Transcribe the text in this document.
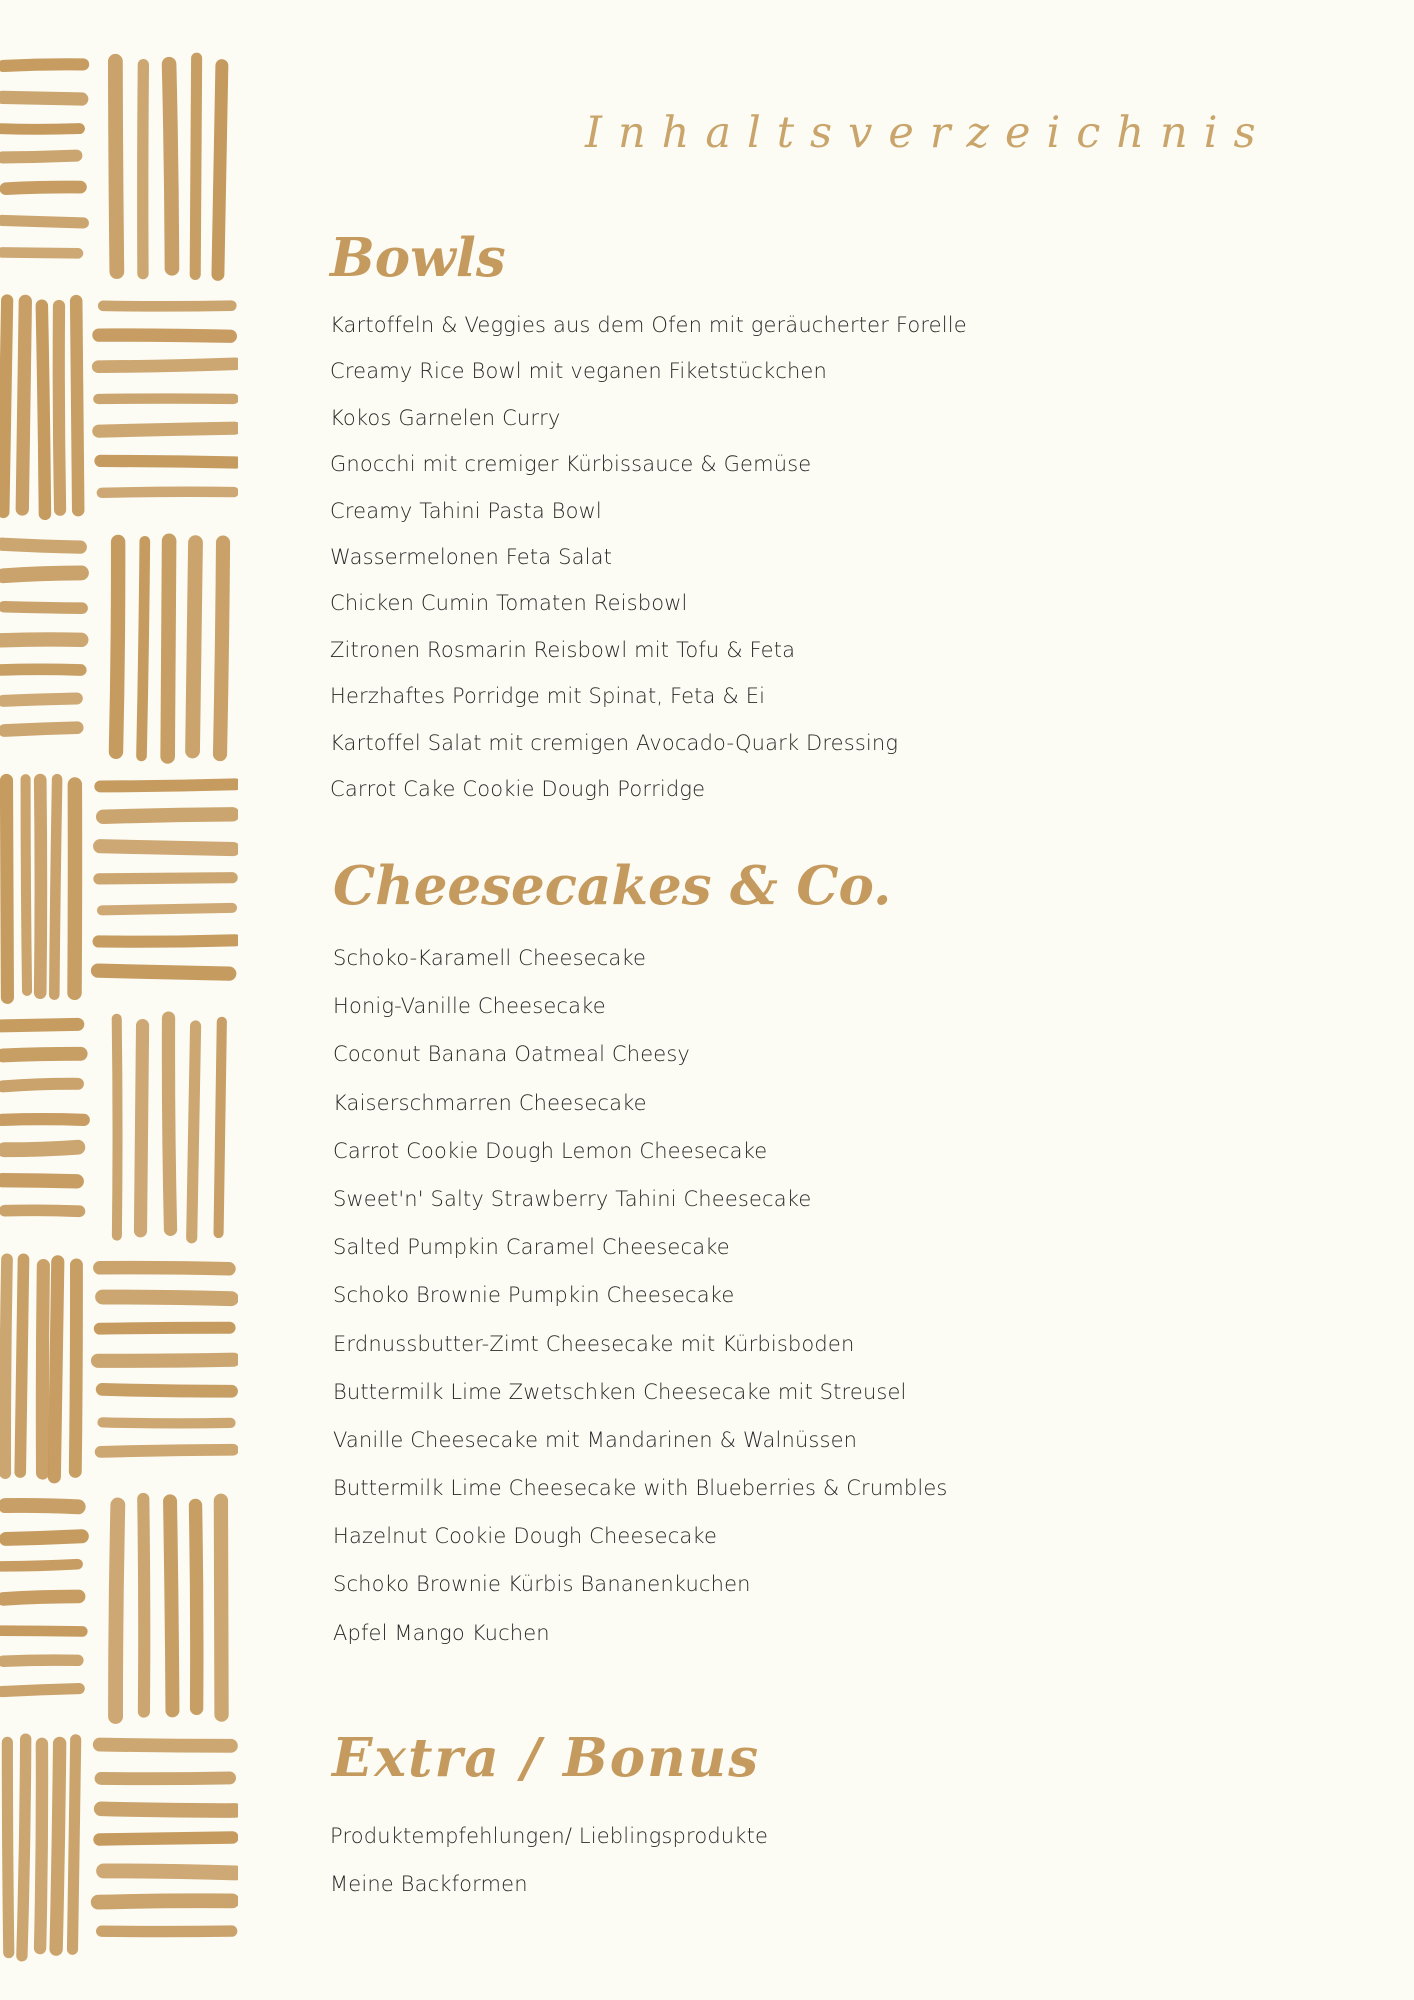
Inhaltsverzeichnis
Bowls
Kartoffeln & Veggies aus dem Ofen mit geräucherter Forelle
Creamy Rice Bowl mit veganen Fiketstückchen
Kokos Garnelen Curry
Gnocchi mit cremiger Kürbissauce & Gemüse
Creamy Tahini Pasta Bowl
Wassermelonen Feta Salat
Chicken Cumin Tomaten Reisbowl
Zitronen Rosmarin Reisbowl mit Tofu & Feta
Herzhaftes Porridge mit Spinat, Feta & Ei
Kartoffel Salat mit cremigen Avocado-Quark Dressing
Carrot Cake Cookie Dough Porridge
Cheesecakes & Co.
Schoko-Karamell Cheesecake
Honig-Vanille Cheesecake
Coconut Banana Oatmeal Cheesy
Kaiserschmarren Cheesecake
Carrot Cookie Dough Lemon Cheesecake
Sweet'n' Salty Strawberry Tahini Cheesecake
Salted Pumpkin Caramel Cheesecake
Schoko Brownie Pumpkin Cheesecake
Erdnussbutter-Zimt Cheesecake mit Kürbisboden
Buttermilk Lime Zwetschken Cheesecake mit Streusel
Vanille Cheesecake mit Mandarinen & Walnüssen
Buttermilk Lime Cheesecake with Blueberries & Crumbles
Hazelnut Cookie Dough Cheesecake
Schoko Brownie Kürbis Bananenkuchen
Apfel Mango Kuchen
Extra / Bonus
Produktempfehlungen/ Lieblingsprodukte
Meine Backformen
